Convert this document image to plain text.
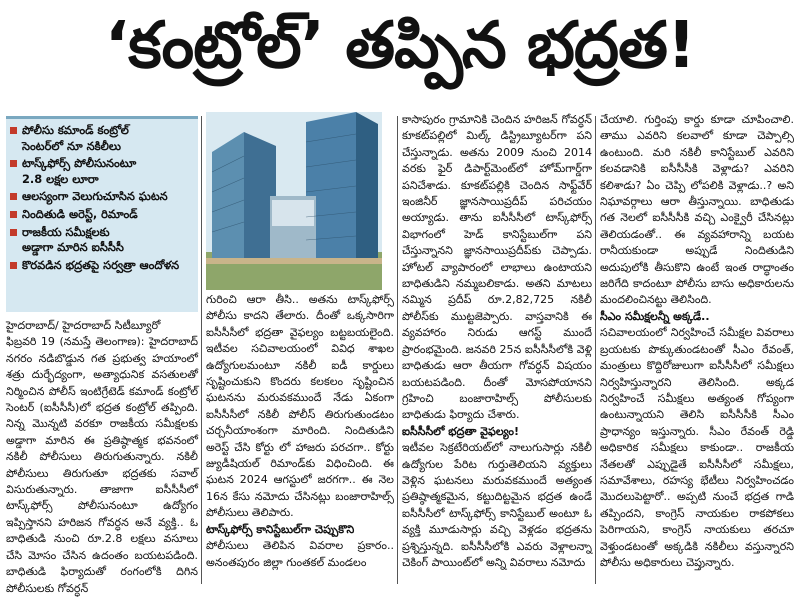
‘కంట్రోల్’ తప్పిన భద్రత!
పోలీసు కమాండ్ కంట్రోల్
సెంటర్‌లో నూ నకిలీలు
టాస్క్‌ఫోర్స్ పోలీసునంటూ
2.8 లక్షల లూరా
ఆలస్యంగా వెలుగుచూసిన ఘటన
నిందితుడి అరెస్ట్, రిమాండ్
రాజకీయ సమీక్షలకు
అడ్డాగా మారిన ఐసీసీసీ
కొరవడిన భద్రతపై సర్వత్రా ఆందోళన

హైదరాబాద్/ హైదరాబాద్ సిటీబ్యూరో
ఫిబ్రవరి 19 (నమస్తే తెలంగాణ): హైదరాబాద్ నగరం నడిబొడ్డున గత ప్రభుత్వ హయాంలో శత్రు దుర్భేద్యంగా, అత్యాధునిక వసతులతో నిర్మించిన పోలీస్ ఇంటిగ్రేటెడ్ కమాండ్ కంట్రోల్ సెంటర్ (ఐసీసీసీ)లో భద్రత కంట్రోల్ తప్పింది. నిన్న మొన్నటి వరకూ రాజకీయ సమీక్షలకు అడ్డాగా మారిన ఈ ప్రతిష్ఠాత్మక భవనంలో నకిలీ పోలీసులు తిరుగుతున్నారు. నకిలీ పోలీసులు తిరుగుతూ భద్రతకు సవాల్ విసురుతున్నారు. తాజాగా ఐసీసీసీలో టాస్క్‌ఫోర్స్ పోలీసునంటూ ఉద్యోగం ఇప్పిస్తానని హరిజన గోవర్ధన అనే వ్యక్తి.. ఓ బాధితుడి నుంచి రూ.2.8 లక్షలు వసూలు చేసి మోసం చేసిన ఉదంతం బయటపడింది. బాధితుడి ఫిర్యాదుతో రంగంలోకి దిగిన పోలీసులకు గోవర్ధన్

గురించి ఆరా తీసి.. అతను టాస్క్‌ఫోర్స్ పోలీసు కాదని తేలారు. దీంతో ఒక్కసారిగా ఐసీసీసీలో భద్రతా వైఫల్యం బట్టబయలైంది. ఇటీవల సచివాలయంలో వివిధ శాఖల ఉద్యోగులమంటూ నకిలీ ఐడీ కార్డులు సృష్టించుకుని కొందరు కలకలం సృష్టించిన ఘటనను మరువకముందే నేడు ఏకంగా ఐసీసీసీలో నకిలీ పోలీస్ తిరుగుతుండటం చర్చనీయాంశంగా మారింది. నిందితుడిని అరెస్ట్ చేసి కోర్టు లో హాజరు పరచగా.. కోర్టు జ్యుడీషియల్ రిమాండ్‌కు విధించింది. ఈ ఘటన 2024 ఆగస్టులో జరగగా.. ఈ నెల 16న కేసు నమోదు చేసినట్లు బంజారాహిల్స్ పోలీసులు తెలిపారు.

టాస్క్‌ఫోర్స్ కానిస్టేబుల్‌గా చెప్పుకొని

పోలీసులు తెలిపిన వివరాల ప్రకారం.. అనంతపురం జిల్లా గుంతకల్ మండలం

కాసాపురం గ్రామానికి చెందిన హరిజన్ గోవర్ధన్ కూకట్‌పల్లిలో మిల్క్ డిస్ట్రిబ్యూటర్‌గా పని చేస్తున్నాడు. అతను 2009 నుంచి 2014 వరకు ఫైర్ డిపార్ట్‌మెంట్‌లో హోమ్‌గార్డ్‌గా పనిచేశాడు. కూకట్‌పల్లికి చెందిన సాఫ్ట్‌వేర్ ఇంజినీర్ జ్ఞానసాయిప్రదీప్ పరిచయం అయ్యాడు. తాను ఐసీసీసీలో టాస్క్‌ఫోర్స్ విభాగంలో హెడ్ కానిస్టేబుల్‌గా పని చేస్తున్నానని జ్ఞానసాయిప్రదీప్‌కు చెప్పాడు. హోటల్ వ్యాపారంలో లాభాలు ఉంటాయని బాధితుడిని నమ్మబలికాడు. అతని మాటలు నమ్మిన ప్రదీప్ రూ.2,82,725 నకిలీ పోలీస్‌కు ముట్టజెప్పారు. వాస్తవానికి ఈ వ్యవహారం నిరుడు ఆగస్ట్ ముందే ప్రారంభమైంది. జనవరి 25న ఐసీసీసీలోకి వెళ్లి బాధితుడు ఆరా తీయగా గోవర్ధన్ విషయం బయటపడింది. దీంతో మోసపోయానని గ్రహించి బంజారాహిల్స్ పోలీసులకు బాధితుడు ఫిర్యాదు చేశారు.

ఐసీసీసీలో భద్రతా వైఫల్యం!

ఇటీవల సెక్రటేరియట్‌లో నాలుగుసార్లు నకిలీ ఉద్యోగుల పేరిట గుర్తుతెలియని వ్యక్తులు వెళ్లిన ఘటనలు మరువకముందే అత్యంత ప్రతిష్ఠాత్మకమైన, కట్టుదిట్టమైన భద్రత ఉండే ఐసీసీసీలో టాస్క్‌ఫోర్స్ కానిస్టేబుల్ అంటూ ఓ వ్యక్తి మూడుసార్లు వచ్చి వెళ్లడం భద్రతను ప్రశ్నిస్తున్నది. ఐసీసీసీలోకి ఎవరు వెళ్లాలన్నా చెకింగ్ పాయింట్‌లో అన్ని వివరాలు నమోదు

చేయాలి. గుర్తింపు కార్డు కూడా చూపించాలి. తాము ఎవరిని కలవాలో కూడా చెప్పాల్సి ఉంటుంది. మరి నకిలీ కానిస్టేబుల్ ఎవరిని కలవడానికి ఐసీసీసీకి వెళ్లాడు? ఎవరిని కలిశాడు? ఏం చెప్పి లోపలికి వెళ్లాడు..? అని నిఘావర్గాలు ఆరా తీస్తున్నాయి. బాధితుడు గత నెలలో ఐసీసీసీకి వచ్చి ఎంక్వైరీ చేసినట్లు తెలియడంతో.. ఈ వ్యవహారాన్ని బయట రానీయకుండా అప్పుడే నిందితుడిని అదుపులోకి తీసుకొని ఉంటే ఇంత రాద్ధాంతం జరిగేది కాదంటూ పోలీసు బాసు అధికారులను మందలించినట్టు తెలిసింది.

సీఎం సమీక్షలన్నీ అక్కడే..

సచివాలయంలో నిర్వహించే సమీక్షల వివరాలు బ్రయటకు పొక్కుతుండటంతో సీఎం రేవంత్, మంత్రులు కొద్దిరోజులుగా ఐసీసీసీలో సమీక్షలు నిర్వహిస్తున్నారని తెలిసింది. అక్కడ నిర్వహించే సమీక్షలు అత్యంత గోప్యంగా ఉంటున్నాయని తెలిసి ఐసీసీసీకి సీఎం ప్రాధాన్యం ఇస్తున్నారు. సీఎం రేవంత్ రెడ్డి అధికారిక సమీక్షలు కాకుండా.. రాజకీయ నేతలతో ఎప్పుడైతే ఐసీసీసీలో సమీక్షలు, సమావేశాలు, రహస్య భేటీలు నిర్వహించడం మొదలుపెట్టారో.. అప్పటి నుంచే భద్రత గాడి తప్పిందని, కాంగ్రెస్ నాయకుల రాకపోకలు పెరిగాయని, కాంగ్రెస్ నాయకులు తరచూ వెళ్తుండటంతో అక్కడికి నకిలీలు వస్తున్నారని పోలీసు అధికారులు చెప్తున్నారు.
